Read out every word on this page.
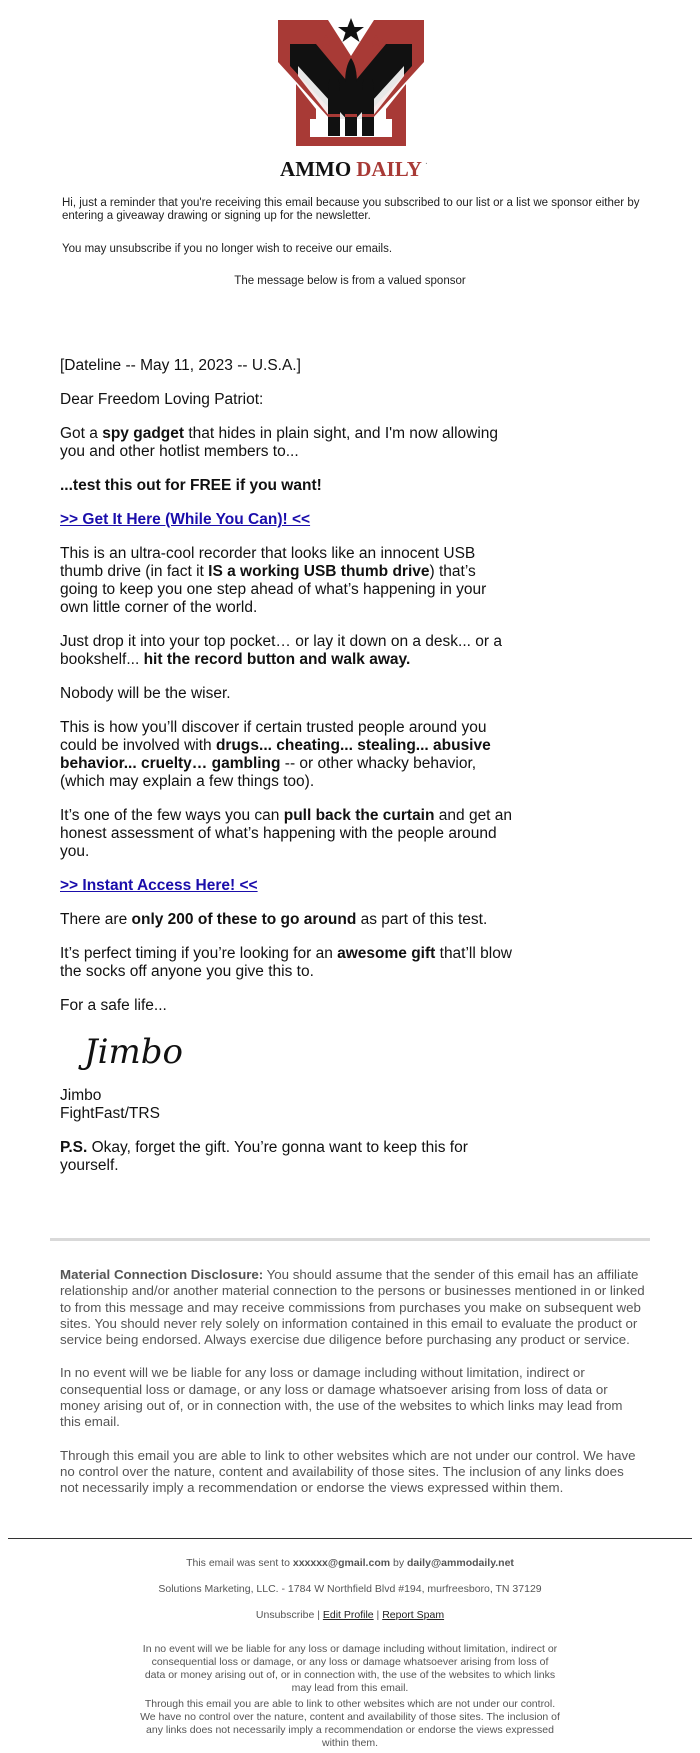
AMMO DAILY .
Hi, just a reminder that you're receiving this email because you subscribed to our list or a list we sponsor either by entering a giveaway drawing or signing up for the newsletter.
You may unsubscribe if you no longer wish to receive our emails.
The message below is from a valued sponsor

[Dateline -- May 11, 2023 -- U.S.A.]

Dear Freedom Loving Patriot:

Got a spy gadget that hides in plain sight, and I'm now allowing you and other hotlist members to...

...test this out for FREE if you want!

>> Get It Here (While You Can)! <<

This is an ultra-cool recorder that looks like an innocent USB thumb drive (in fact it IS a working USB thumb drive) that’s going to keep you one step ahead of what’s happening in your own little corner of the world.

Just drop it into your top pocket… or lay it down on a desk... or a bookshelf... hit the record button and walk away.

Nobody will be the wiser.

This is how you’ll discover if certain trusted people around you could be involved with drugs... cheating... stealing... abusive behavior... cruelty… gambling -- or other whacky behavior, (which may explain a few things too).

It’s one of the few ways you can pull back the curtain and get an honest assessment of what’s happening with the people around you.

>> Instant Access Here! <<

There are only 200 of these to go around as part of this test.

It’s perfect timing if you’re looking for an awesome gift that’ll blow the socks off anyone you give this to.

For a safe life...

Jimbo

Jimbo
FightFast/TRS

P.S. Okay, forget the gift. You’re gonna want to keep this for yourself.

Material Connection Disclosure: You should assume that the sender of this email has an affiliate relationship and/or another material connection to the persons or businesses mentioned in or linked to from this message and may receive commissions from purchases you make on subsequent web sites. You should never rely solely on information contained in this email to evaluate the product or service being endorsed. Always exercise due diligence before purchasing any product or service.

In no event will we be liable for any loss or damage including without limitation, indirect or consequential loss or damage, or any loss or damage whatsoever arising from loss of data or money arising out of, or in connection with, the use of the websites to which links may lead from this email.

Through this email you are able to link to other websites which are not under our control. We have no control over the nature, content and availability of those sites. The inclusion of any links does not necessarily imply a recommendation or endorse the views expressed within them.

This email was sent to xxxxxx@gmail.com by daily@ammodaily.net
Solutions Marketing, LLC. - 1784 W Northfield Blvd #194, murfreesboro, TN 37129
Unsubscribe | Edit Profile | Report Spam
In no event will we be liable for any loss or damage including without limitation, indirect or consequential loss or damage, or any loss or damage whatsoever arising from loss of data or money arising out of, or in connection with, the use of the websites to which links may lead from this email.
Through this email you are able to link to other websites which are not under our control. We have no control over the nature, content and availability of those sites. The inclusion of any links does not necessarily imply a recommendation or endorse the views expressed within them.
